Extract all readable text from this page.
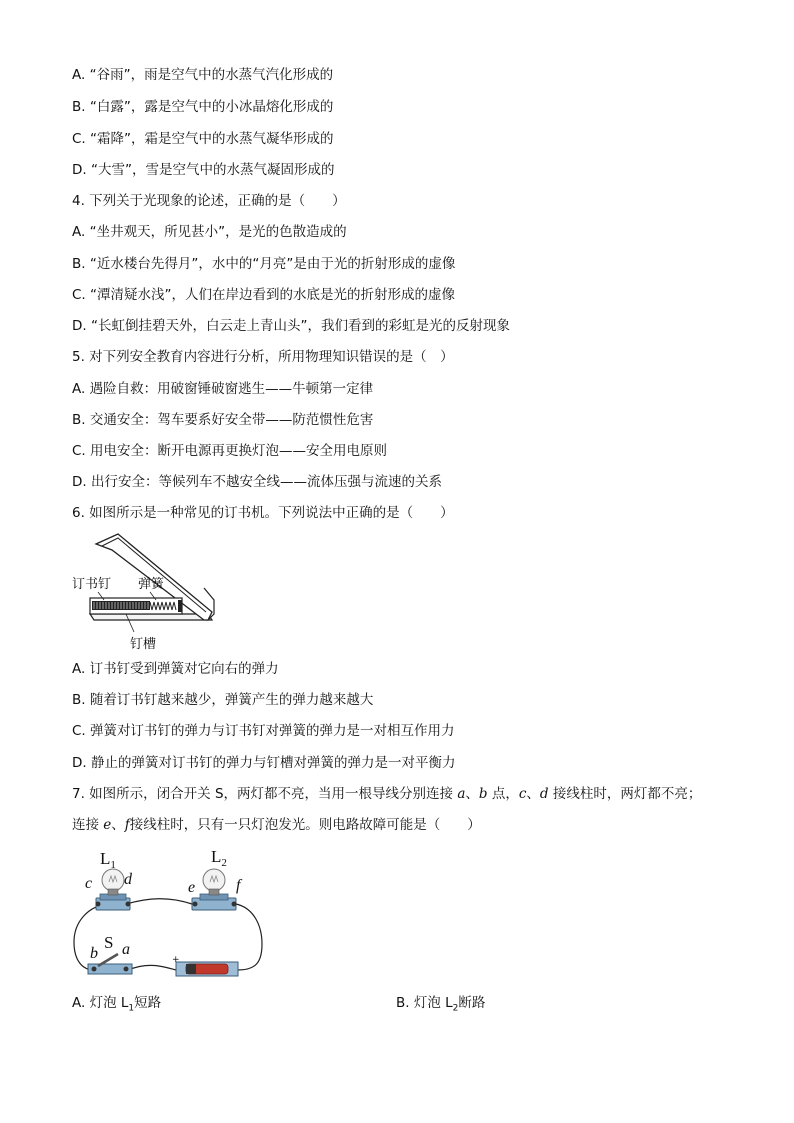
A. “谷雨”，雨是空气中的水蒸气汽化形成的
B. “白露”，露是空气中的小冰晶熔化形成的
C. “霜降”，霜是空气中的水蒸气凝华形成的
D. “大雪”，雪是空气中的水蒸气凝固形成的
4. 下列关于光现象的论述，正确的是（　　）
A. “坐井观天，所见甚小”，是光的色散造成的
B. “近水楼台先得月”，水中的“月亮”是由于光的折射形成的虚像
C. “潭清疑水浅”，人们在岸边看到的水底是光的折射形成的虚像
D. “长虹倒挂碧天外，白云走上青山头”，我们看到的彩虹是光的反射现象
5. 对下列安全教育内容进行分析，所用物理知识错误的是（　）
A. 遇险自救：用破窗锤破窗逃生——牛顿第一定律
B. 交通安全：驾车要系好安全带——防范惯性危害
C. 用电安全：断开电源再更换灯泡——安全用电原则
D. 出行安全：等候列车不越安全线——流体压强与流速的关系
6. 如图所示是一种常见的订书机。下列说法中正确的是（　　）
订书钉 弹簧
钉槽
A. 订书钉受到弹簧对它向右的弹力
B. 随着订书钉越来越少，弹簧产生的弹力越来越大
C. 弹簧对订书钉的弹力与订书钉对弹簧的弹力是一对相互作用力
D. 静止的弹簧对订书钉的弹力与钉槽对弹簧的弹力是一对平衡力
7. 如图所示，闭合开关 S，两灯都不亮，当用一根导线分别连接 a、b 点，c、d 接线柱时，两灯都不亮；
连接 e、f接线柱时，只有一只灯泡发光。则电路故障可能是（　　）
$L_1$	$L_2$
c d	e	f
S
b a
+
A. 灯泡 $L_1$短路	B. 灯泡 $L_2$断路
